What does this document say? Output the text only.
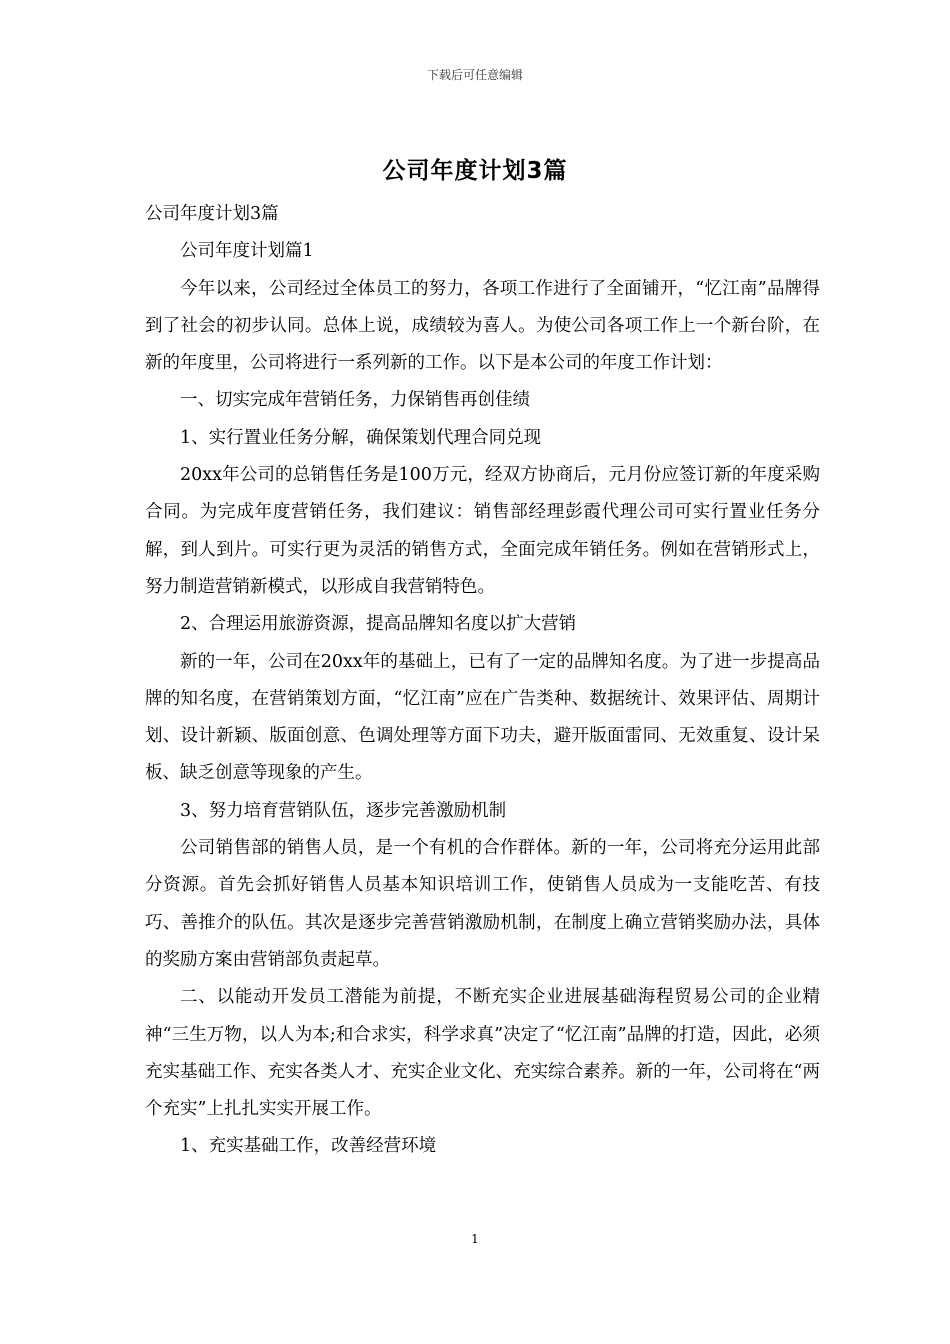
下载后可任意编辑
公司年度计划3篇

公司年度计划3篇

公司年度计划篇1

今年以来，公司经过全体员工的努力，各项工作进行了全面铺开，“忆江南”品牌得到了社会的初步认同。总体上说，成绩较为喜人。为使公司各项工作上一个新台阶，在新的年度里，公司将进行一系列新的工作。以下是本公司的年度工作计划：

一、切实完成年营销任务，力保销售再创佳绩

1、实行置业任务分解，确保策划代理合同兑现

20xx年公司的总销售任务是100万元，经双方协商后，元月份应签订新的年度采购合同。为完成年度营销任务，我们建议：销售部经理彭霞代理公司可实行置业任务分解，到人到片。可实行更为灵活的销售方式，全面完成年销任务。例如在营销形式上，努力制造营销新模式，以形成自我营销特色。

2、合理运用旅游资源，提高品牌知名度以扩大营销

新的一年，公司在20xx年的基础上，已有了一定的品牌知名度。为了进一步提高品牌的知名度，在营销策划方面，“忆江南”应在广告类种、数据统计、效果评估、周期计划、设计新颖、版面创意、色调处理等方面下功夫，避开版面雷同、无效重复、设计呆板、缺乏创意等现象的产生。

3、努力培育营销队伍，逐步完善激励机制

公司销售部的销售人员，是一个有机的合作群体。新的一年，公司将充分运用此部分资源。首先会抓好销售人员基本知识培训工作，使销售人员成为一支能吃苦、有技巧、善推介的队伍。其次是逐步完善营销激励机制，在制度上确立营销奖励办法，具体的奖励方案由营销部负责起草。

二、以能动开发员工潜能为前提，不断充实企业进展基础海程贸易公司的企业精神“三生万物，以人为本;和合求实，科学求真”决定了“忆江南”品牌的打造，因此，必须充实基础工作、充实各类人才、充实企业文化、充实综合素养。新的一年，公司将在“两个充实”上扎扎实实开展工作。

1、充实基础工作，改善经营环境

1
